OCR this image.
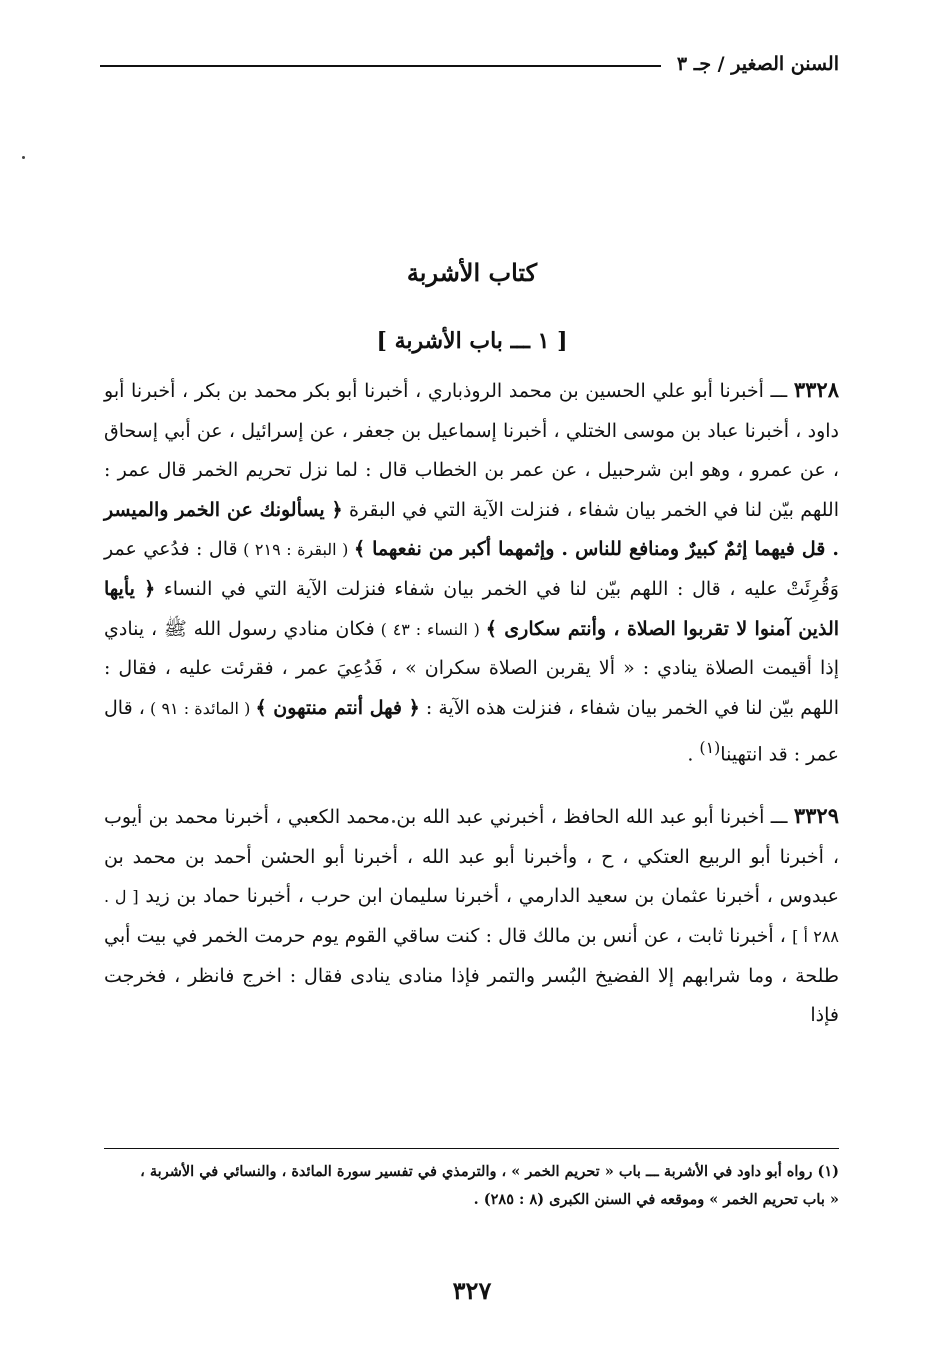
السنن الصغير / جـ ٣
كتاب الأشربة
[ ١ ـــ باب الأشربة ]

٣٣٢٨ ـــ أخبرنا أبو علي الحسين بن محمد الروذباري ، أخبرنا أبو بكر محمد بن بكر ، أخبرنا أبو داود ، أخبرنا عباد بن موسى الختلي ، أخبرنا إسماعيل بن جعفر ، عن إسرائيل ، عن أبي إسحاق ، عن عمرو ، وهو ابن شرحبيل ، عن عمر بن الخطاب قال : لما نزل تحريم الخمر قال عمر : اللهم بيّن لنا في الخمر بيان شفاء ، فنزلت الآية التي في البقرة ﴿ يسألونك عن الخمر والميسر . قل فيهما إثمٌ كبيرٌ ومنافع للناس . وإثمهما أكبر من نفعهما ﴾ ( البقرة : ٢١٩ ) قال : فدُعي عمر وَقُرِئَتْ عليه ، قال : اللهم بيّن لنا في الخمر بيان شفاء فنزلت الآية التي في النساء ﴿ يأيها الذين آمنوا لا تقربوا الصلاة ، وأنتم سكارى ﴾ ( النساء : ٤٣ ) فكان منادي رسول الله ﷺ ، ينادي إذا أقيمت الصلاة ينادي : « ألا يقربن الصلاة سكران » ، فَدُعِيَ عمر ، فقرئت عليه ، فقال : اللهم بيّن لنا في الخمر بيان شفاء ، فنزلت هذه الآية : ﴿ فهل أنتم منتهون ﴾ ( المائدة : ٩١ ) ، قال عمر : قد انتهينا$^{(١)}$ .

٣٣٢٩ ـــ أخبرنا أبو عبد الله الحافظ ، أخبرني عبد الله بن محمد الكعبي ، أخبرنا محمد بن أيوب ، أخبرنا أبو الربيع العتكي ، ح ، وأخبرنا أبو عبد الله ، أخبرنا أبو الحسن أحمد بن محمد بن عبدوس ، أخبرنا عثمان بن سعيد الدارمي ، أخبرنا سليمان ابن حرب ، أخبرنا حماد بن زيد [ ل . ٢٨٨ أ ] ، أخبرنا ثابت ، عن أنس بن مالك قال : كنت ساقي القوم يوم حرمت الخمر في بيت أبي طلحة ، وما شرابهم إلا الفضيخ البُسر والتمر فإذا منادى ينادى فقال : اخرج فانظر ، فخرجت فإذا

(١) رواه أبو داود في الأشربة ـــ باب « تحريم الخمر » ، والترمذي في تفسير سورة المائدة ، والنسائي في الأشربة ،

« باب تحريم الخمر » وموقعه في السنن الكبرى (٨ : ٢٨٥) .

٣٢٧
